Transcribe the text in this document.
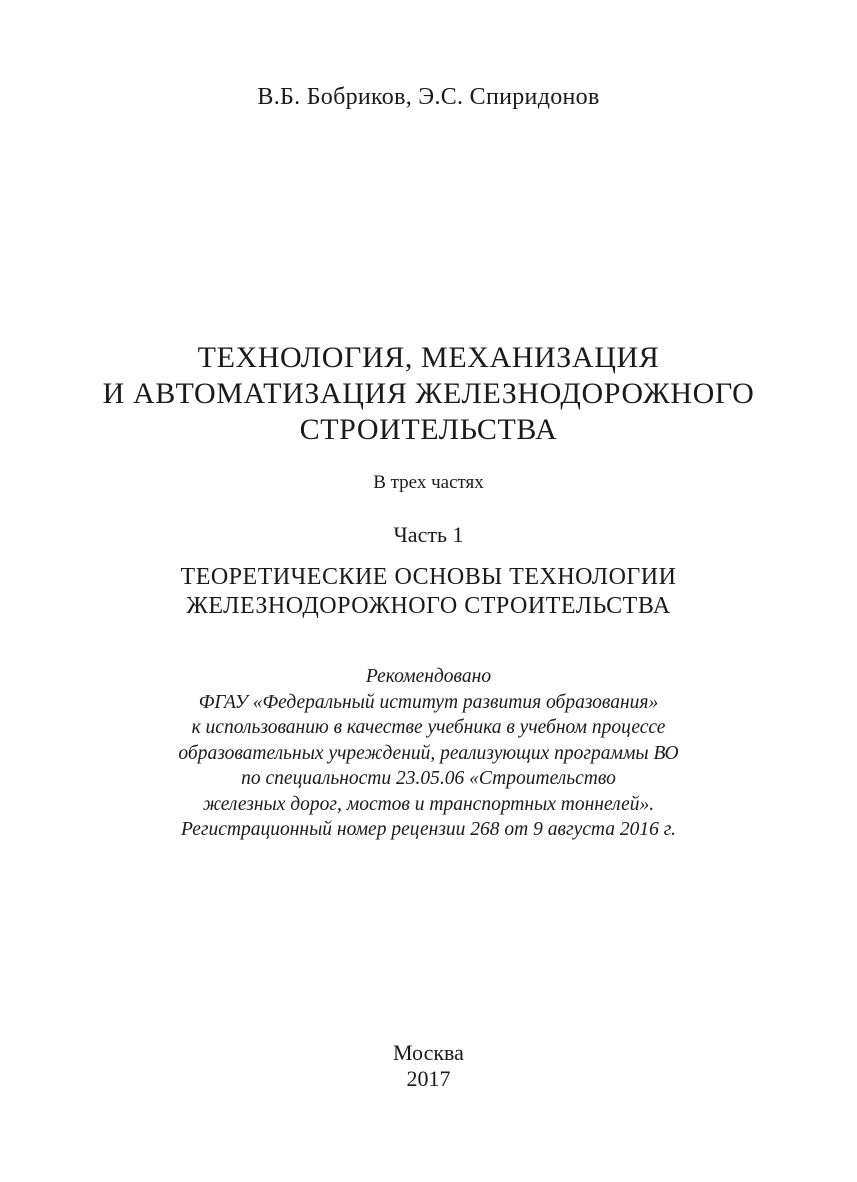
В.Б. Бобриков, Э.С. Спиридонов

ТЕХНОЛОГИЯ, МЕХАНИЗАЦИЯ
И АВТОМАТИЗАЦИЯ ЖЕЛЕЗНОДОРОЖНОГО
СТРОИТЕЛЬСТВА

В трех частях

Часть 1

ТЕОРЕТИЧЕСКИЕ ОСНОВЫ ТЕХНОЛОГИИ
ЖЕЛЕЗНОДОРОЖНОГО СТРОИТЕЛЬСТВА
Рекомендовано
ФГАУ «Федеральный иститут развития образования»
к использованию в качестве учебника в учебном процессе
образовательных учреждений, реализующих программы ВО
по специальности 23.05.06 «Строительство
железных дорог, мостов и транспортных тоннелей».
Регистрационный номер рецензии 268 от 9 августа 2016 г.

Москва

2017
